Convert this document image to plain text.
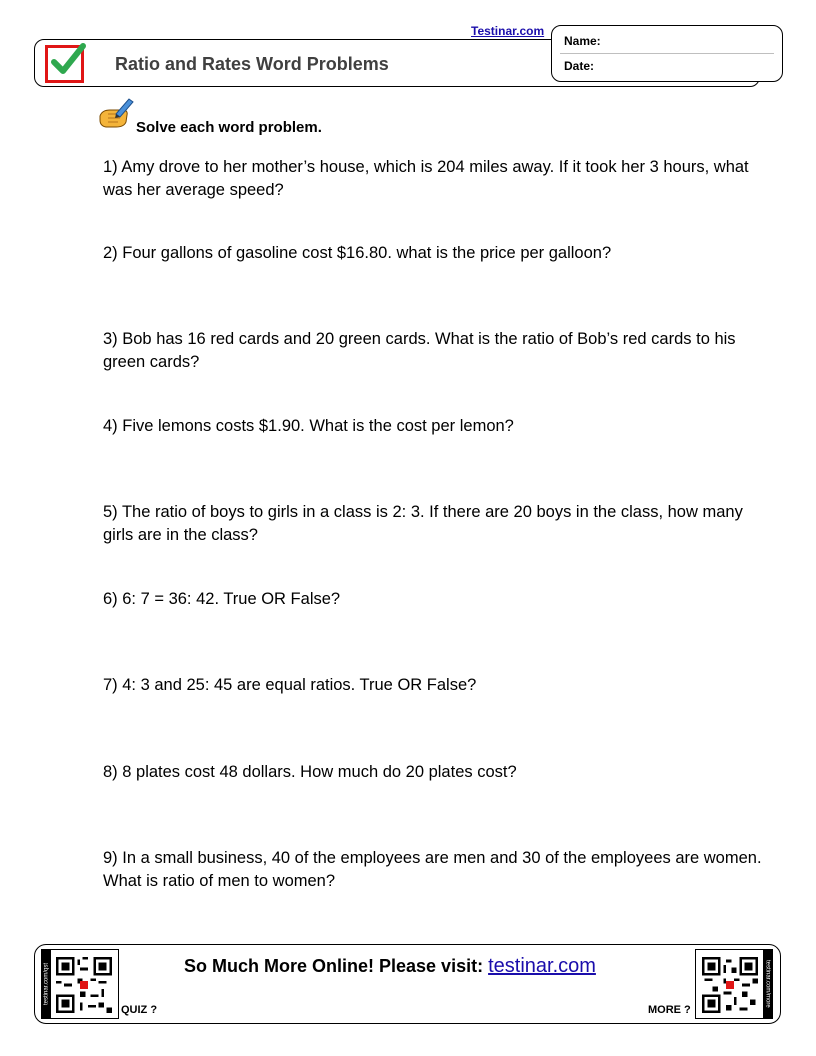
Testinar.com
Ratio and Rates Word Problems
Name:
Date:
Solve each word problem.
1) Amy drove to her mother’s house, which is 204 miles away. If it took her 3 hours, what was her average speed?
2) Four gallons of gasoline cost $16.80. what is the price per galloon?
3) Bob has 16 red cards and 20 green cards. What is the ratio of Bob’s red cards to his green cards?
4) Five lemons costs $1.90. What is the cost per lemon?
5) The ratio of boys to girls in a class is 2: 3. If there are 20 boys in the class, how many girls are in the class?
6) 6: 7 = 36: 42. True OR False?
7) 4: 3 and 25: 45 are equal ratios. True OR False?
8) 8 plates cost 48 dollars. How much do 20 plates cost?
9) In a small business, 40 of the employees are men and 30 of the employees are women. What is ratio of men to women?
testinar.com/qst	So Much More Online! Please visit: testinar.com
QUIZ ?	MORE ?
testinar.com/more
